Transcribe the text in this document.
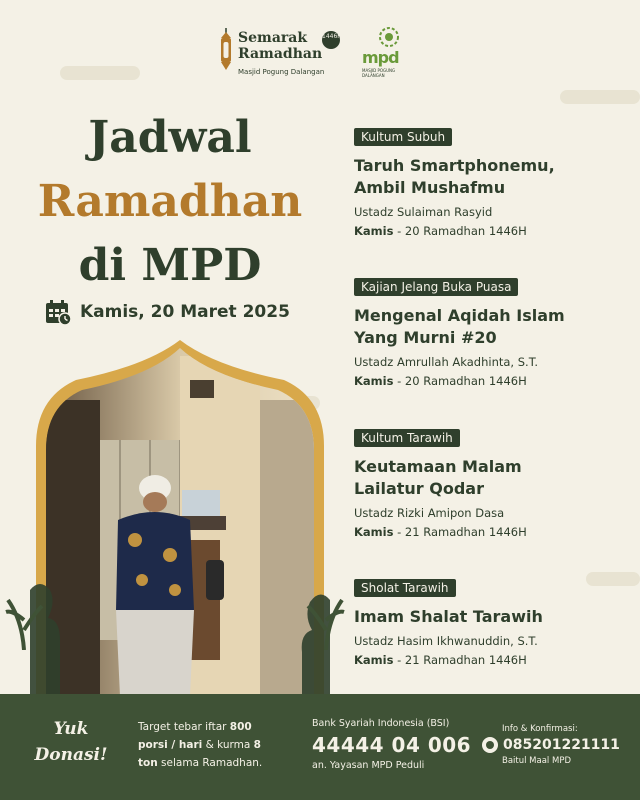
Semarak
Ramadhan
1446H
Masjid Pogung Dalangan
mpd
MASJID POGUNG DALANGAN
Jadwal
Ramadhan
di MPD
Kamis, 20 Maret 2025
Kultum Subuh
Taruh Smartphonemu,
Ambil Mushafmu
Ustadz Sulaiman Rasyid
Kamis - 20 Ramadhan 1446H
Kajian Jelang Buka Puasa
Mengenal Aqidah Islam
Yang Murni #20
Ustadz Amrullah Akadhinta, S.T.
Kamis - 20 Ramadhan 1446H
Kultum Tarawih
Keutamaan Malam
Lailatur Qodar
Ustadz Rizki Amipon Dasa
Kamis - 21 Ramadhan 1446H
Sholat Tarawih
Imam Shalat Tarawih
Ustadz Hasim Ikhwanuddin, S.T.
Kamis - 21 Ramadhan 1446H
Yuk
Donasi!
Target tebar iftar 800
porsi / hari & kurma 8
ton selama Ramadhan.
Bank Syariah Indonesia (BSI)
44444 04 006
an. Yayasan MPD Peduli
Info & Konfirmasi:
085201221111
Baitul Maal MPD
